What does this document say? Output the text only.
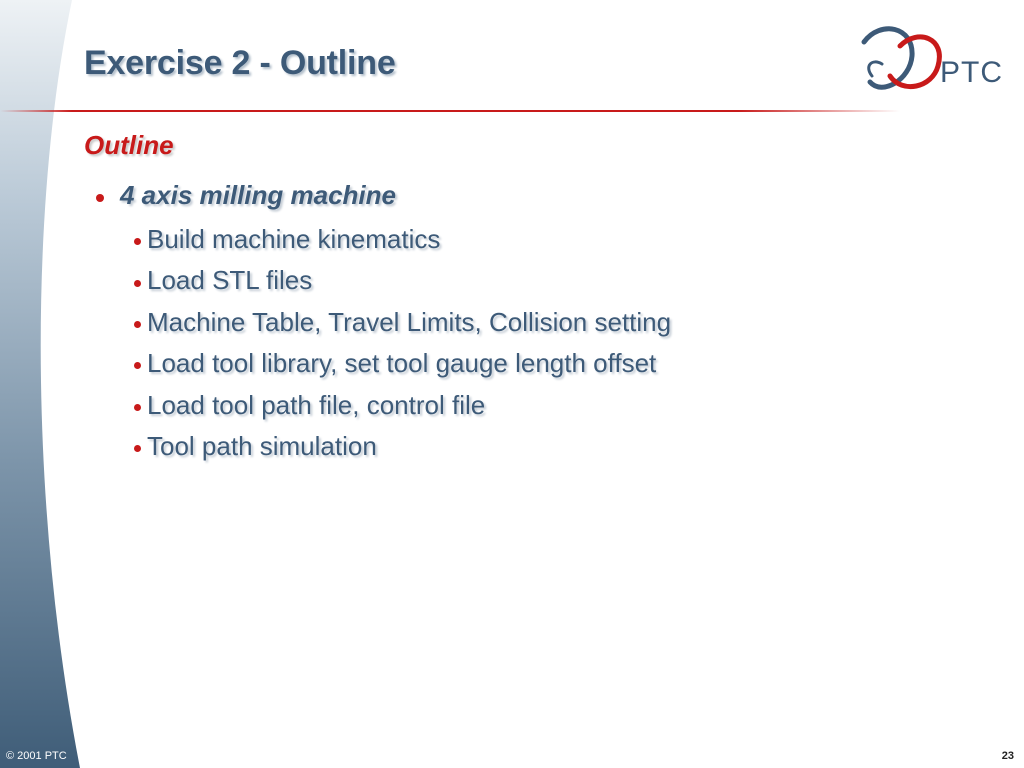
Exercise 2 - Outline	PTC
Outline
4 axis milling machine
Build machine kinematics
Load STL files
Machine Table, Travel Limits, Collision setting
Load tool library, set tool gauge length offset
Load tool path file, control file
Tool path simulation
© 2001 PTC	23
